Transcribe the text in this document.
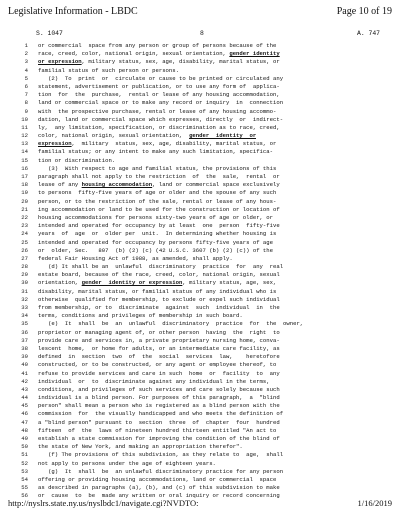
Legislative Information - LBDC	Page 10 of 19
S. 1047	8	A. 747
1	or commercial  space from any person or group of persons because of the
2	race, creed, color, national origin, sexual orientation, gender identity
3	or expression, military status, sex, age, disability, marital status, or
4	familial status of such person or persons.
5	(2)  To  print  or  circulate or cause to be printed or circulated any
6	statement, advertisement or publication, or to use any form of  applica-
7	tion  for  the  purchase,  rental or lease of any housing accommodation,
8	land or commercial space or to make any record or inquiry  in  connection
9	with  the prospective purchase, rental or lease of any housing accommo-
10	dation, land or commercial space which expresses, directly  or  indirect-
11	ly,  any limitation, specification, or discrimination as to race, creed,
12	color, national origin, sexual orientation,  gender  identity  or
13	expression,  military  status, sex, age, disability, marital status, or
14	familial status; or any intent to make any such limitation, specifica-
15	tion or discrimination.
16	(3)  With respect to age and familial status, the provisions of this
17	paragraph shall not apply to the restriction  of  the  sale,  rental  or
18	lease of any housing accommodation, land or commercial space exclusively
19	to persons  fifty-five years of age or older and the spouse of any such
20	person, or to the restriction of the sale, rental or lease of any hous-
21	ing accommodation or land to be used for the construction or location of
22	housing accommodations for persons sixty-two years of age or older, or
23	intended and operated for occupancy by at least  one  person  fifty-five
24	years  of  age  or  older per  unit.  In determining whether housing is
25	intended and operated for occupancy by persons fifty-five years of age
26	or  older, Sec.   807  (b) (2) (c) (42 U.S.C. 3607 (b) (2) (c)) of the
27	federal Fair Housing Act of 1988, as amended, shall apply.
28	(d) It shall be an  unlawful  discriminatory  practice  for  any  real
29	estate board, because of the race, creed, color, national origin, sexual
30	orientation, gender  identity or expression, military status, age, sex,
31	disability, marital status, or familial status of any individual who is
32	otherwise  qualified for membership, to exclude or expel such individual
33	from membership, or to  discriminate  against  such  individual  in  the
34	terms, conditions and privileges of membership in such board.
35	(e)  It  shall  be  an  unlawful  discriminatory  practice  for  the  owner,
36	proprietor or managing agent of, or other person  having  the  right  to
37	provide care and services in, a private proprietary nursing home, conva-
38	lescent  home,  or home for adults, or an intermediate care facility, as
39	defined  in  section  two  of  the  social  services  law,    heretofore
40	constructed, or to be constructed, or any agent or employee thereof, to
41	refuse to provide services and care in such  home  or  facility  to  any
42	individual  or  to  discriminate against any individual in the terms,
43	conditions, and privileges of such services and care solely because such
44	individual is a blind person. For purposes of this paragraph,  a  "blind
45	person" shall mean a person who is registered as a blind person with the
46	commission  for  the visually handicapped and who meets the definition of
47	a "blind person" pursuant to  section  three  of  chapter  four  hundred
48	fifteen  of  the  laws of nineteen hundred thirteen entitled "An act to
49	establish a state commission for improving the condition of the blind of
50	the state of New York, and making an appropriation therefor".
51	(f) The provisions of this subdivision, as they relate to  age,  shall
52	not apply to persons under the age of eighteen years.
53	(g)  It  shall  be  an unlawful discriminatory practice for any person
54	offering or providing housing accommodations, land or commercial  space
55	as described in paragraphs (a), (b), and (c) of this subdivision to make
56	or  cause  to  be  made any written or oral inquiry or record concerning
http://nyslrs.state.ny.us/nyslbdc1/navigate.cgi?NVDTO:	1/16/2019
